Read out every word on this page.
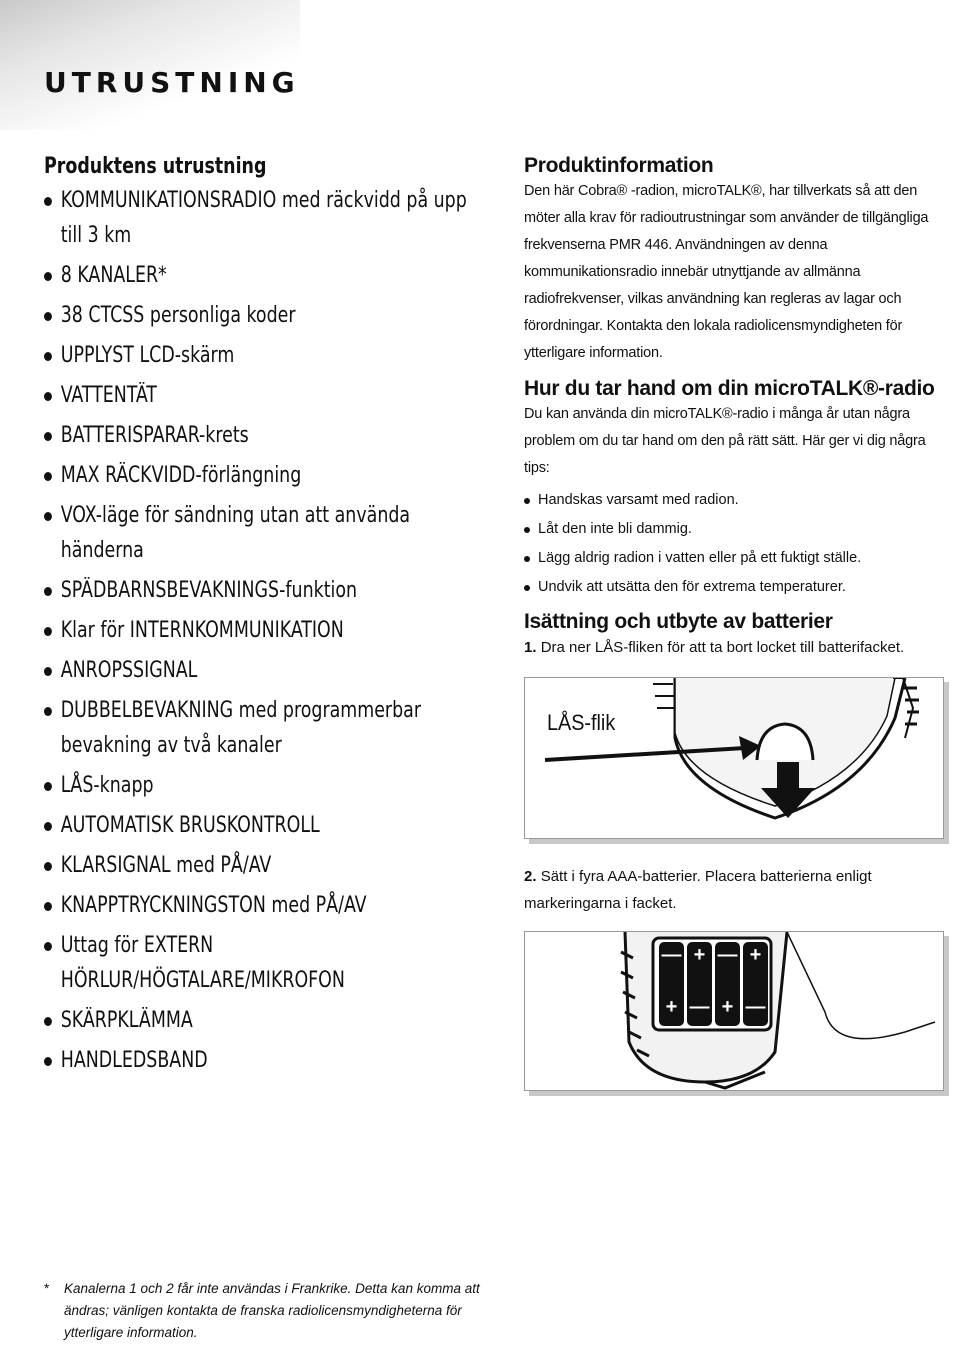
UTRUSTNING
Produktens utrustning
KOMMUNIKATIONSRADIO med räckvidd på upp till 3 km
8 KANALER*
38 CTCSS personliga koder
UPPLYST LCD-skärm
VATTENTÄT
BATTERISPARAR-krets
MAX RÄCKVIDD-förlängning
VOX-läge för sändning utan att använda händerna
SPÄDBARNSBEVAKNINGS-funktion
Klar för INTERNKOMMUNIKATION
ANROPSSIGNAL
DUBBELBEVAKNING med programmerbar bevakning av två kanaler
LÅS-knapp
AUTOMATISK BRUSKONTROLL
KLARSIGNAL med PÅ/AV
KNAPPTRYCKNINGSTON med PÅ/AV
Uttag för EXTERN HÖRLUR/HÖGTALARE/MIKROFON
SKÄRPKLÄMMA
HANDLEDSBAND
Produktinformation

Den här Cobra® -radion, microTALK®, har tillverkats så att den möter alla krav för radioutrustningar som använder de tillgängliga frekvenserna PMR 446. Användningen av denna kommunikationsradio innebär utnyttjande av allmänna radiofrekvenser, vilkas användning kan regleras av lagar och förordningar. Kontakta den lokala radiolicensmyndigheten för ytterligare information.

Hur du tar hand om din microTALK®-radio

Du kan använda din microTALK®-radio i många år utan några problem om du tar hand om den på rätt sätt. Här ger vi dig några tips:

Handskas varsamt med radion.
Låt den inte bli dammig.
Lägg aldrig radion i vatten eller på ett fuktigt ställe.
Undvik att utsätta den för extrema temperaturer.
Isättning och utbyte av batterier
1. Dra ner LÅS-fliken för att ta bort locket till batterifacket.
LÅS-flik
2. Sätt i fyra AAA-batterier. Placera batterierna enligt markeringarna i facket.
— + — +
+ — + —
*	Kanalerna 1 och 2 får inte användas i Frankrike. Detta kan komma att ändras; vänligen kontakta de franska radiolicensmyndigheterna för ytterligare information.
